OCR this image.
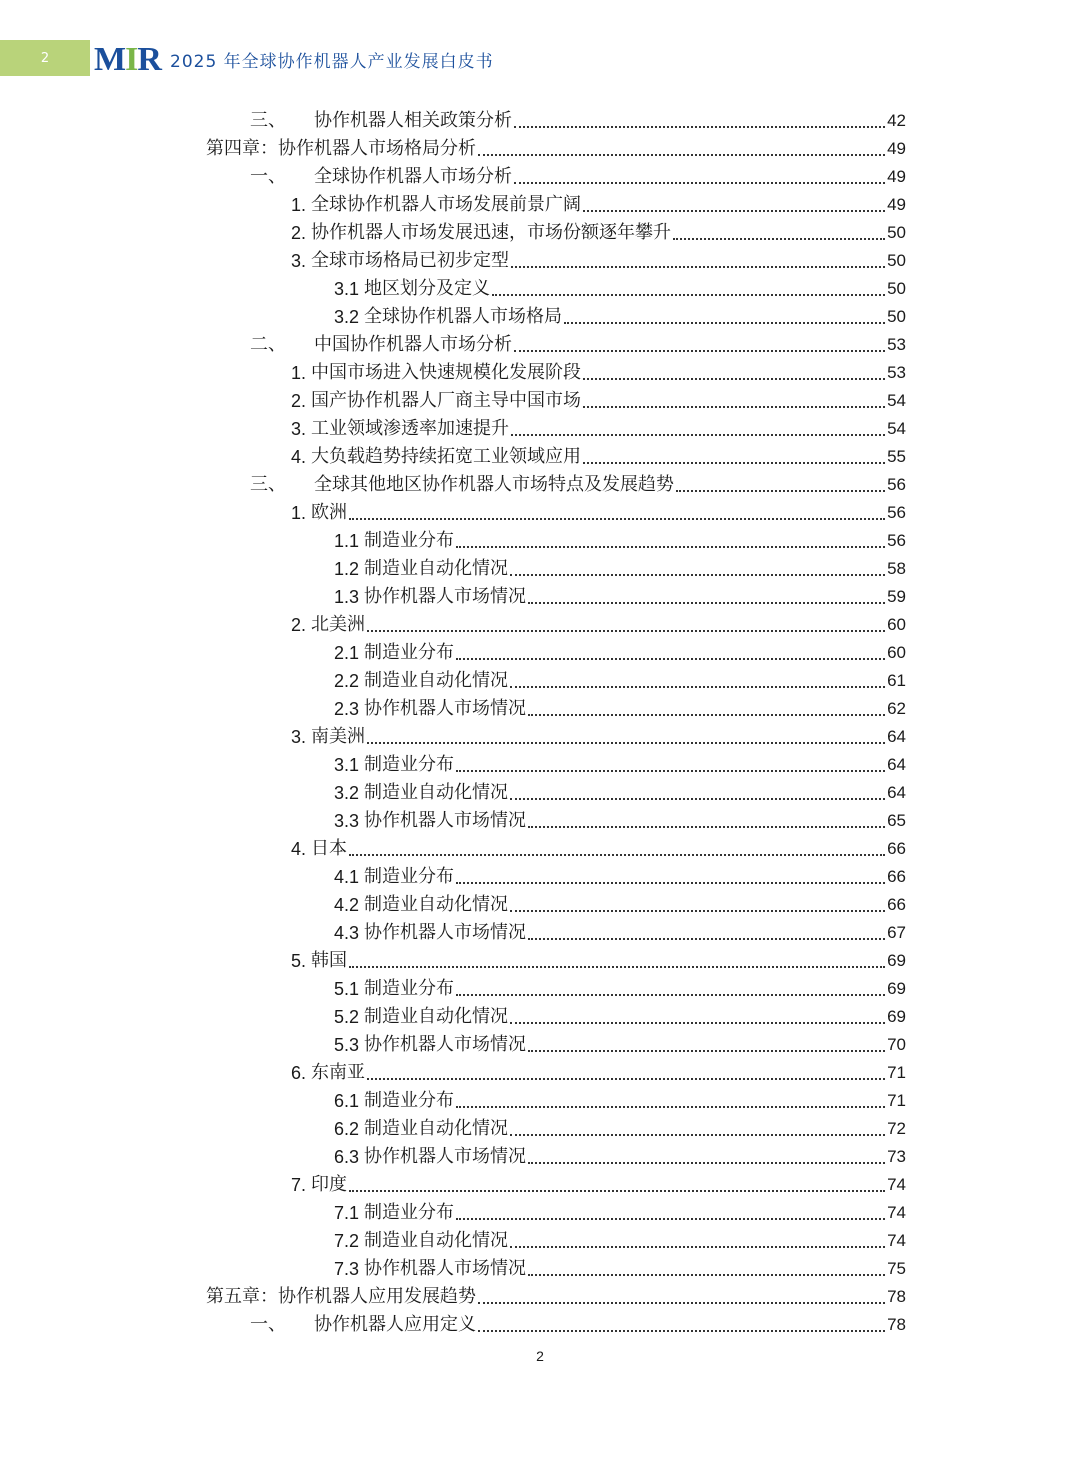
2	MIR 2025 年全球协作机器人产业发展白皮书
三、	协作机器人相关政策分析	42
第四章： 协作机器人市场格局分析	49
一、	全球协作机器人市场分析	49
1. 全球协作机器人市场发展前景广阔	49
2. 协作机器人市场发展迅速，市场份额逐年攀升	50
3. 全球市场格局已初步定型	50
3.1 地区划分及定义	50
3.2 全球协作机器人市场格局	50
二、	中国协作机器人市场分析	53
1. 中国市场进入快速规模化发展阶段	53
2. 国产协作机器人厂商主导中国市场	54
3. 工业领域渗透率加速提升	54
4. 大负载趋势持续拓宽工业领域应用	55
三、	全球其他地区协作机器人市场特点及发展趋势	56
1. 欧洲	56
1.1 制造业分布	56
1.2 制造业自动化情况	58
1.3 协作机器人市场情况	59
2. 北美洲	60
2.1 制造业分布	60
2.2 制造业自动化情况	61
2.3 协作机器人市场情况	62
3. 南美洲	64
3.1 制造业分布	64
3.2 制造业自动化情况	64
3.3 协作机器人市场情况	65
4. 日本	66
4.1 制造业分布	66
4.2 制造业自动化情况	66
4.3 协作机器人市场情况	67
5. 韩国	69
5.1 制造业分布	69
5.2 制造业自动化情况	69
5.3 协作机器人市场情况	70
6. 东南亚	71
6.1 制造业分布	71
6.2 制造业自动化情况	72
6.3 协作机器人市场情况	73
7. 印度	74
7.1 制造业分布	74
7.2 制造业自动化情况	74
7.3 协作机器人市场情况	75
第五章： 协作机器人应用发展趋势	78
一、	协作机器人应用定义	78
2
